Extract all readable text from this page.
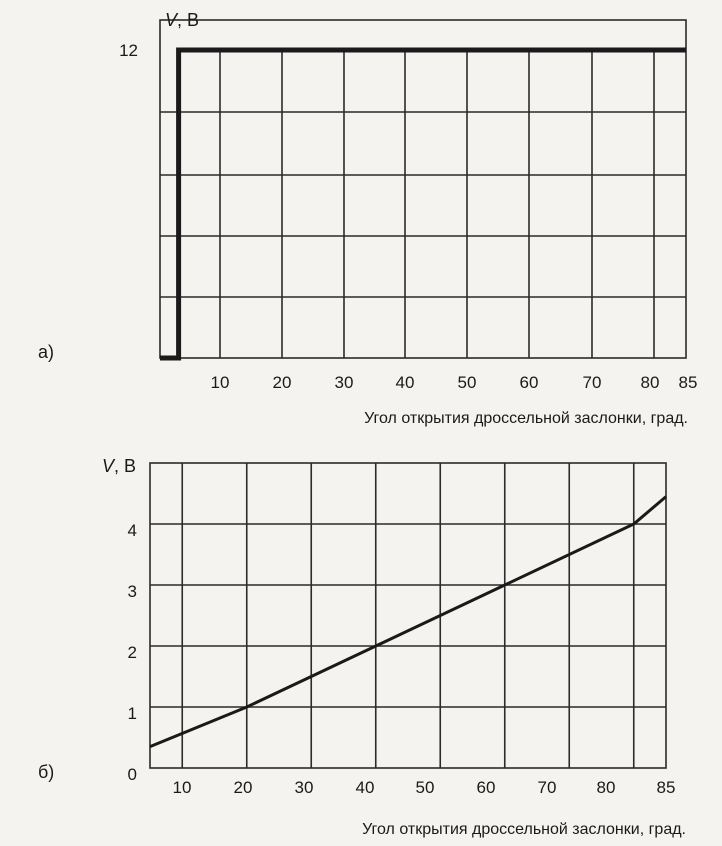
V, В
12
10	20	30 40	50	60	70 80 85
Угол открытия дроссельной заслонки, град.
а)
V, В
0
1
2
3
4
10 20 30 40 50 60 70 80 85
Угол открытия дроссельной заслонки, град.
б)
